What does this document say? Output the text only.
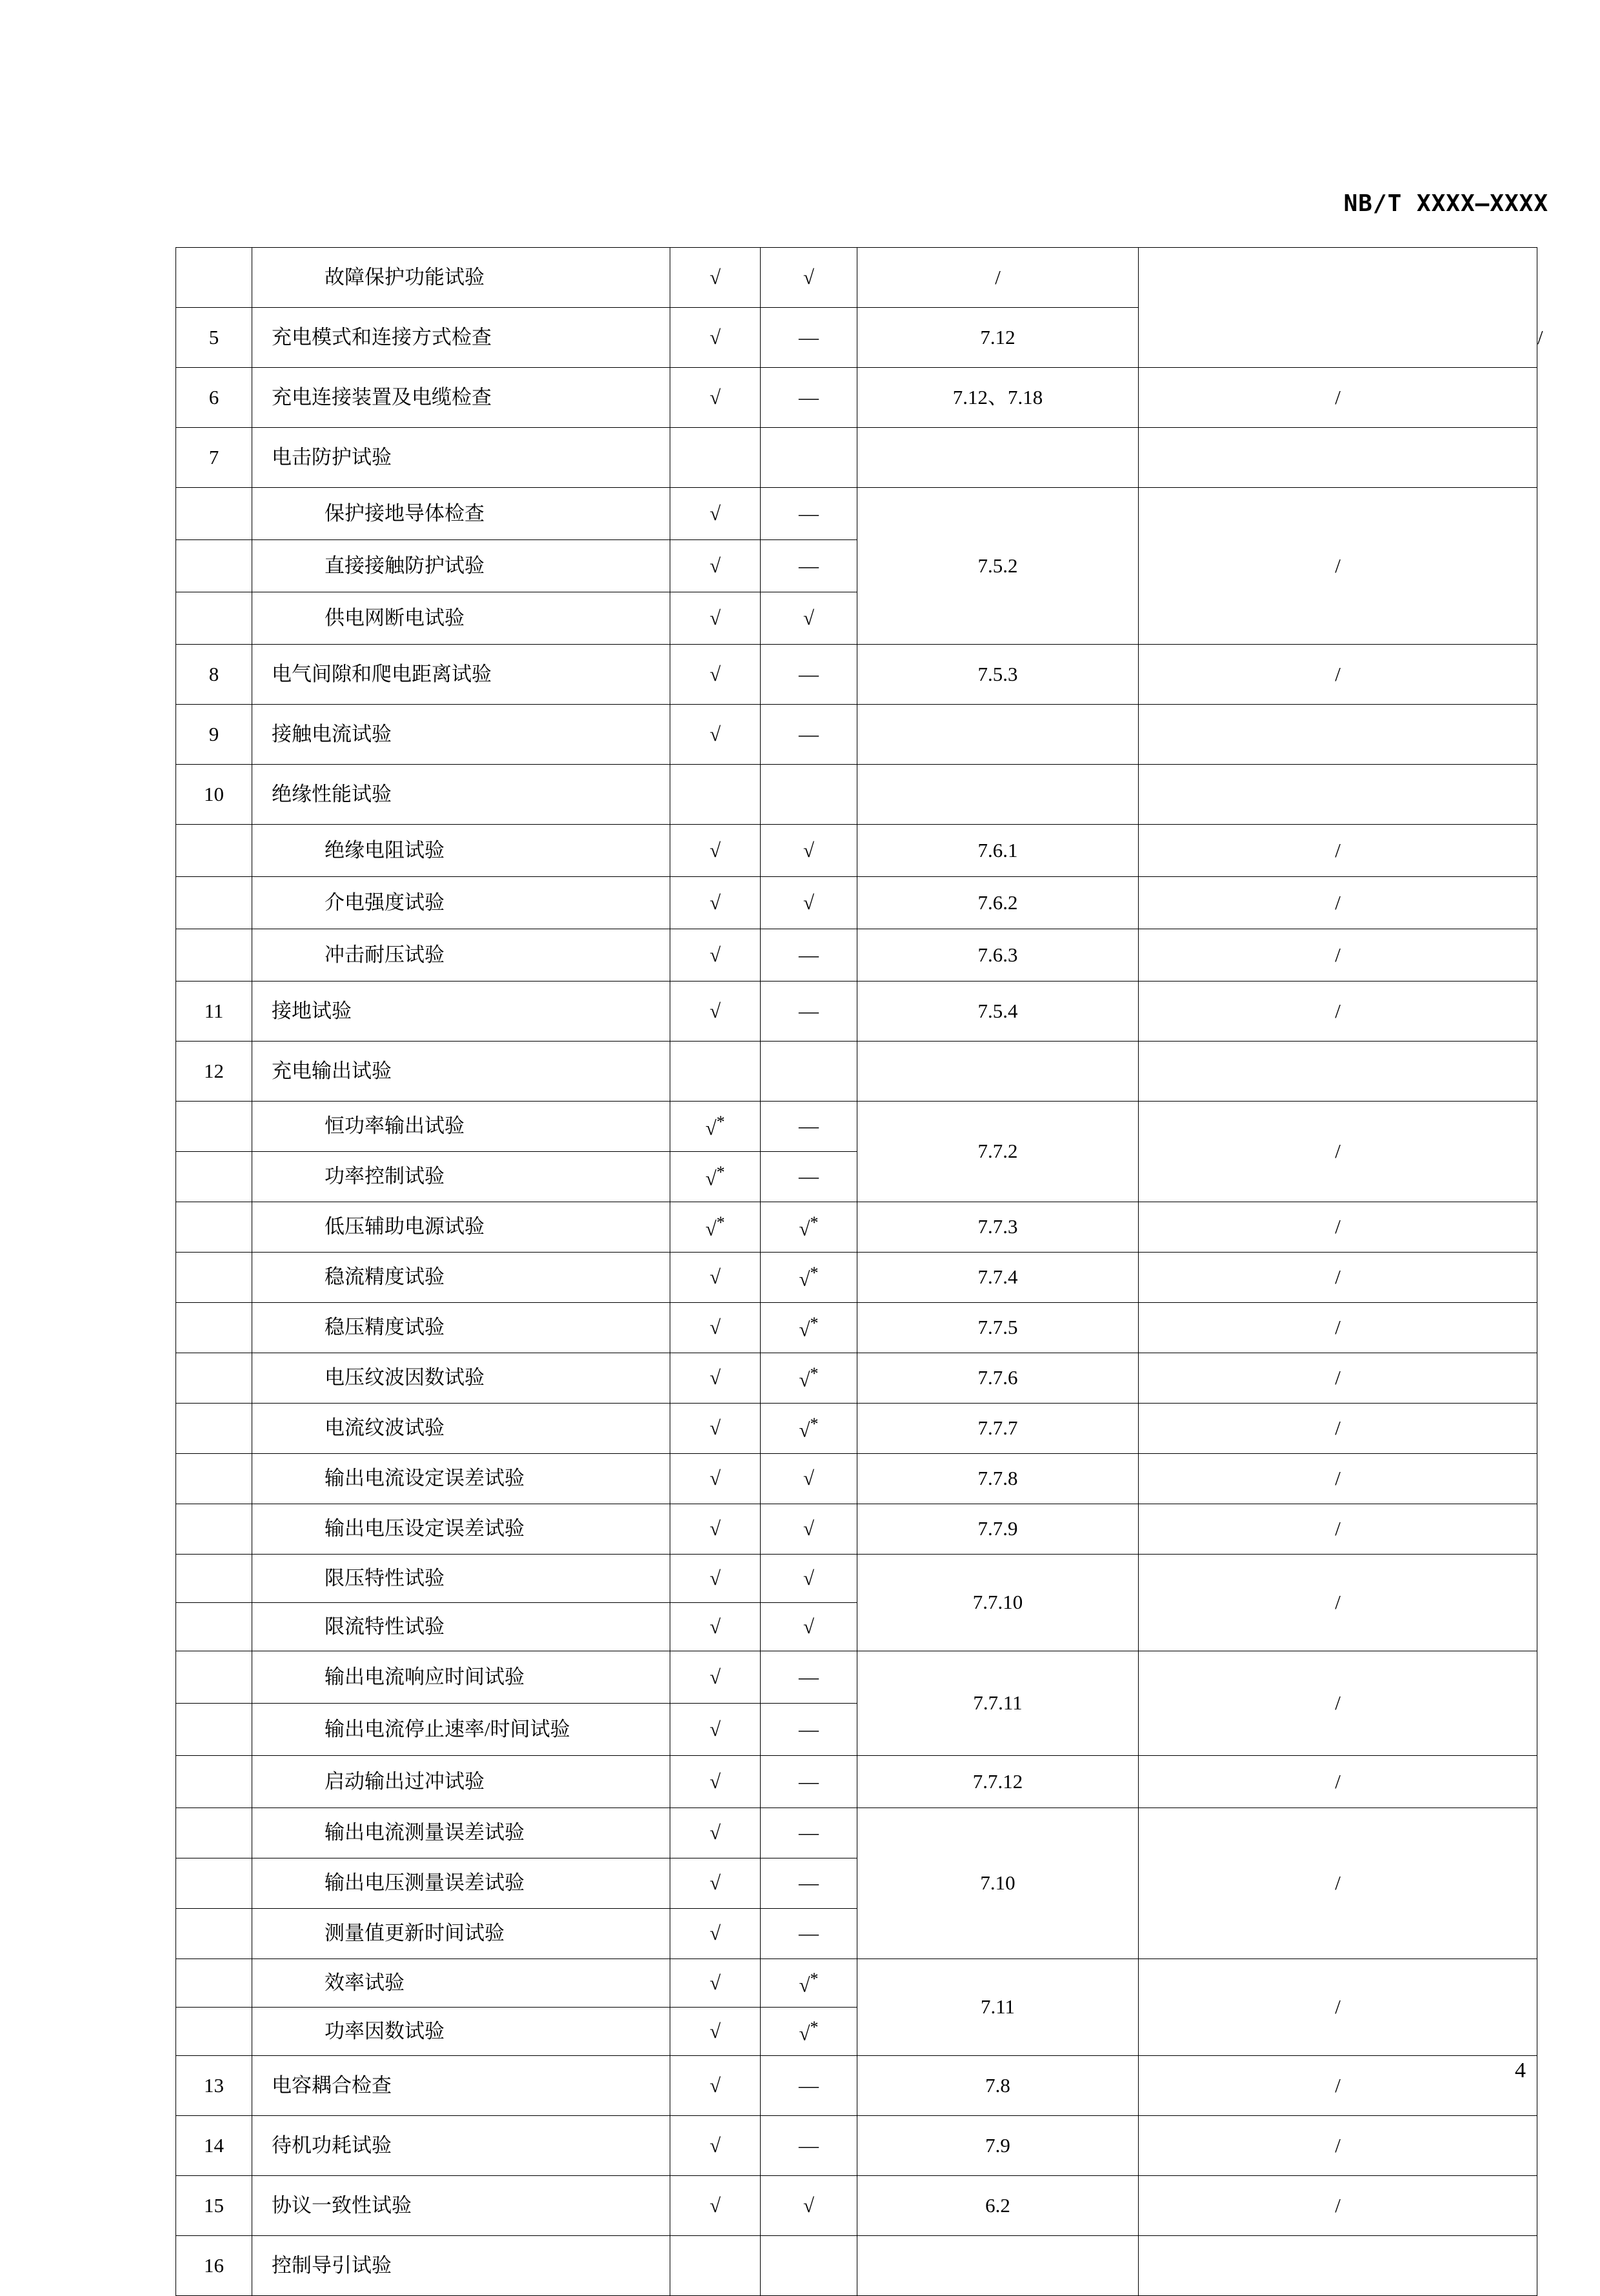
NB/T XXXX—XXXX
	故障保护功能试验	√	√	/		
5	充电模式和连接方式检查	√	—	7.12		/
6	充电连接装置及电缆检查	√	—	7.12、7.18	/	
7	电击防护试验					
	保护接地导体检查	√	—	7.5.2	/	
	直接接触防护试验	√	—			
	供电网断电试验	√	√			
8	电气间隙和爬电距离试验	√	—	7.5.3	/	
9	接触电流试验	√	—			
10	绝缘性能试验					
	绝缘电阻试验	√	√	7.6.1	/	
	介电强度试验	√	√	7.6.2	/	
	冲击耐压试验	√	—	7.6.3	/	
11	接地试验	√	—	7.5.4	/	
12	充电输出试验					
	恒功率输出试验	√*	—	7.7.2	/	
	功率控制试验	√*	—			
	低压辅助电源试验	√*	√*	7.7.3	/	
	稳流精度试验	√	√*	7.7.4	/	
	稳压精度试验	√	√*	7.7.5	/	
	电压纹波因数试验	√	√*	7.7.6	/	
	电流纹波试验	√	√*	7.7.7	/	
	输出电流设定误差试验	√	√	7.7.8	/	
	输出电压设定误差试验	√	√	7.7.9	/	
	限压特性试验	√	√	7.7.10	/	
	限流特性试验	√	√			
	输出电流响应时间试验	√	—	7.7.11	/	
	输出电流停止速率/时间试验	√	—			
	启动输出过冲试验	√	—	7.7.12	/	
	输出电流测量误差试验	√	—	7.10	/	
	输出电压测量误差试验	√	—			
	测量值更新时间试验	√	—			
	效率试验	√	√*	7.11	/	
	功率因数试验	√	√*
13	电容耦合检查	√	—	7.8	/	
14	待机功耗试验	√	—	7.9	/	
15	协议一致性试验	√	√	6.2	/	
16	控制导引试验					
4
